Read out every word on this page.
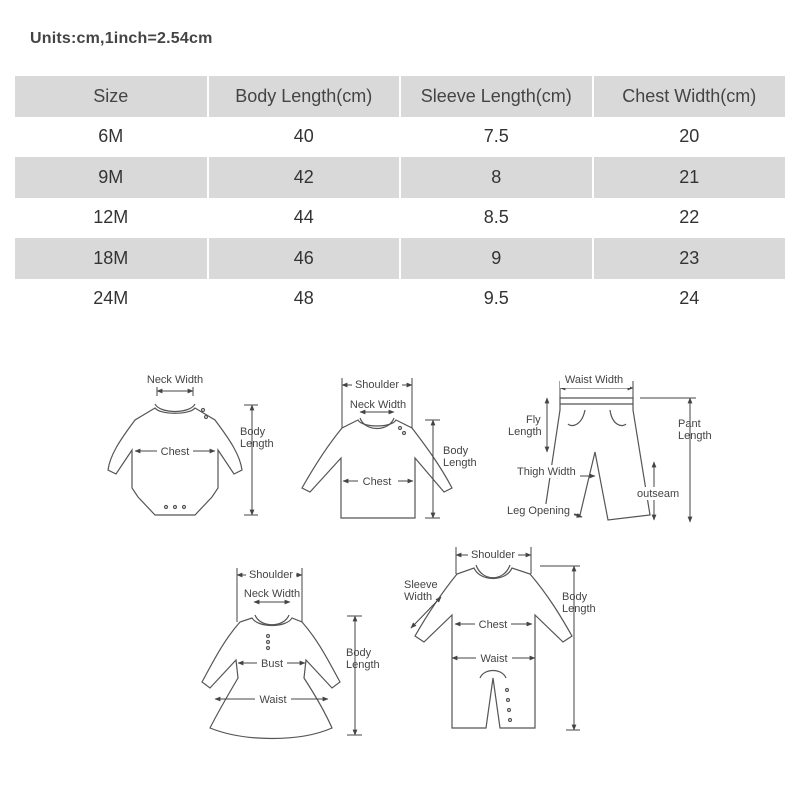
Units:cm,1inch=2.54cm
Size	Body Length(cm)	Sleeve Length(cm)	Chest Width(cm)
6M	40	7.5	20
9M	42	8	21
12M	44	8.5	22
18M	46	9	23
24M	48	9.5	24
Neck Width
Chest
Body
Length
Shoulder
Neck Width
Chest
Body
Length
Waist Width
Fly
Length
Pant
Length
Thigh Width
outseam
Leg Opening
Shoulder
Neck Width
Bust
Waist
Body
Length
Shoulder
Sleeve
Width
Chest
Waist
Body
Length
